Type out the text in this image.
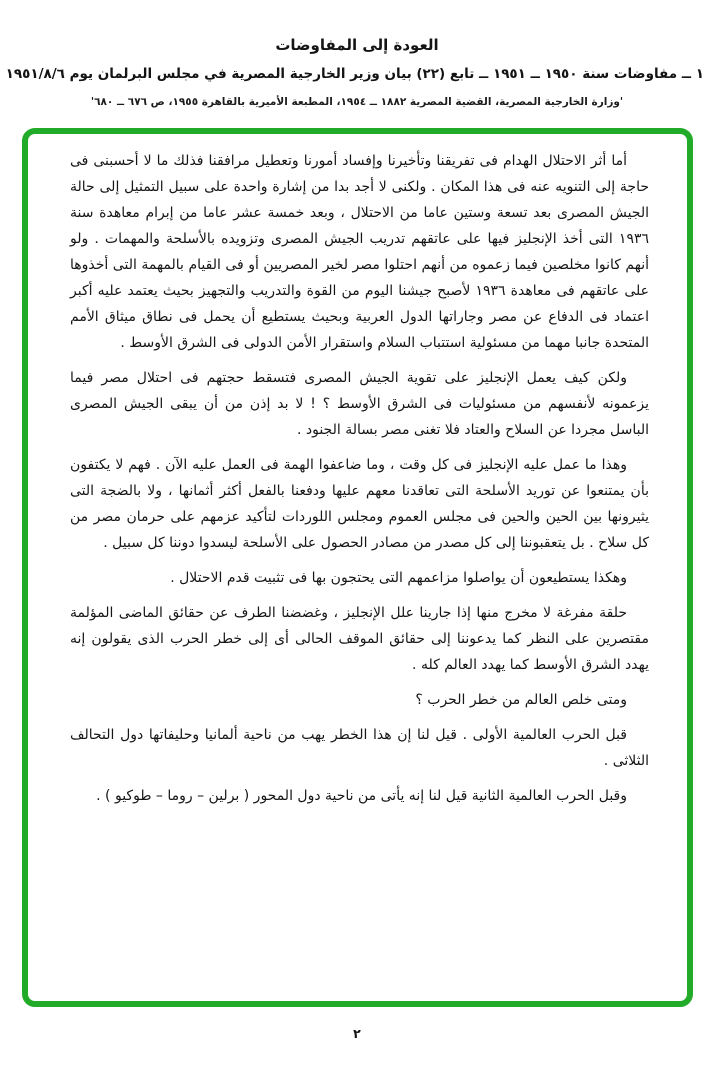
العودة إلى المفاوضات
١ ــ مفاوضات سنة ١٩٥٠ ــ ١٩٥١ ــ تابع (٢٢) بيان وزير الخارجية المصرية في مجلس البرلمان يوم ١٩٥١/٨/٦
'وزارة الخارجية المصرية، القضية المصرية ١٨٨٢ ــ ١٩٥٤، المطبعة الأميرية بالقاهرة ١٩٥٥، ص ٦٧٦ ــ ٦٨٠'

أما أثر الاحتلال الهدام فى تفريقنا وتأخيرنا وإفساد أمورنا وتعطيل مرافقنا فذلك ما لا أحسبنى فى حاجة إلى التنويه عنه فى هذا المكان . ولكنى لا أجد بدا من إشارة واحدة على سبيل التمثيل إلى حالة الجيش المصرى بعد تسعة وستين عاما من الاحتلال ، وبعد خمسة عشر عاما من إبرام معاهدة سنة ١٩٣٦ التى أخذ الإنجليز فيها على عاتقهم تدريب الجيش المصرى وتزويده بالأسلحة والمهمات . ولو أنهم كانوا مخلصين فيما زعموه من أنهم احتلوا مصر لخير المصريين أو فى القيام بالمهمة التى أخذوها على عاتقهم فى معاهدة ١٩٣٦ لأصبح جيشنا اليوم من القوة والتدريب والتجهيز بحيث يعتمد عليه أكبر اعتماد فى الدفاع عن مصر وجاراتها الدول العربية وبحيث يستطيع أن يحمل فى نطاق ميثاق الأمم المتحدة جانبا مهما من مسئولية استتباب السلام واستقرار الأمن الدولى فى الشرق الأوسط .

ولكن كيف يعمل الإنجليز على تقوية الجيش المصرى فتسقط حجتهم فى احتلال مصر فيما يزعمونه لأنفسهم من مسئوليات فى الشرق الأوسط ؟ ! لا بد إذن من أن يبقى الجيش المصرى الباسل مجردا عن السلاح والعتاد فلا تغنى مصر بسالة الجنود .

وهذا ما عمل عليه الإنجليز فى كل وقت ، وما ضاعفوا الهمة فى العمل عليه الآن . فهم لا يكتفون بأن يمتنعوا عن توريد الأسلحة التى تعاقدنا معهم عليها ودفعنا بالفعل أكثر أثمانها ، ولا بالضجة التى يثيرونها بين الحين والحين فى مجلس العموم ومجلس اللوردات لتأكيد عزمهم على حرمان مصر من كل سلاح . بل يتعقبوننا إلى كل مصدر من مصادر الحصول على الأسلحة ليسدوا دوننا كل سبيل .

وهكذا يستطيعون أن يواصلوا مزاعمهم التى يحتجون بها فى تثبيت قدم الاحتلال .

حلقة مفرغة لا مخرج منها إذا جارينا علل الإنجليز ، وغضضنا الطرف عن حقائق الماضى المؤلمة مقتصرين على النظر كما يدعوننا إلى حقائق الموقف الحالى أى إلى خطر الحرب الذى يقولون إنه يهدد الشرق الأوسط كما يهدد العالم كله .

ومتى خلص العالم من خطر الحرب ؟

قبل الحرب العالمية الأولى . قيل لنا إن هذا الخطر يهب من ناحية ألمانيا وحليفاتها دول التحالف الثلاثى .

وقبل الحرب العالمية الثانية قيل لنا إنه يأتى من ناحية دول المحور ( برلين – روما – طوكيو ) .

٢
